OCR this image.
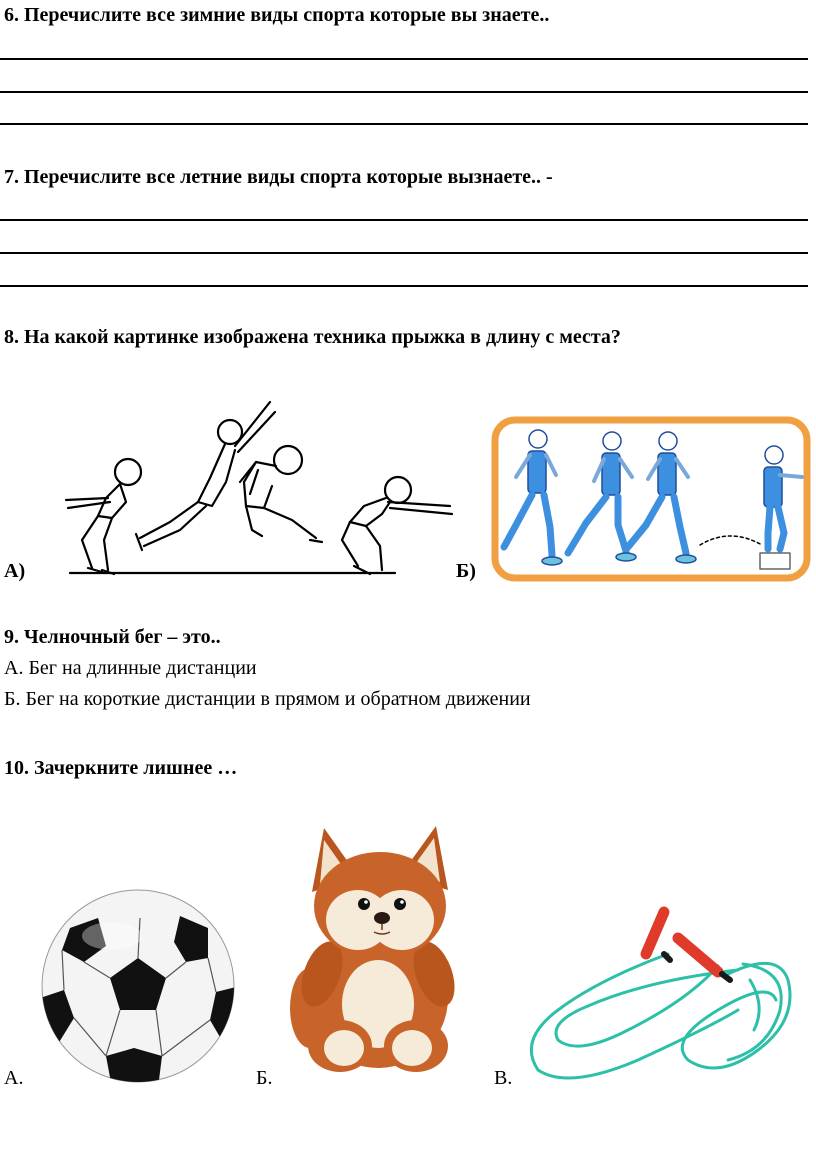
6. Перечислите все зимние виды спорта которые вы знаете..
7. Перечислите все летние виды спорта которые вызнаете.. -
8. На какой картинке изображена техника прыжка в длину с места?
А)	Б)
9. Челночный бег – это..
А. Бег на длинные дистанции
Б. Бег на короткие дистанции в прямом и обратном движении
10. Зачеркните лишнее …
А.	Б.	В.
